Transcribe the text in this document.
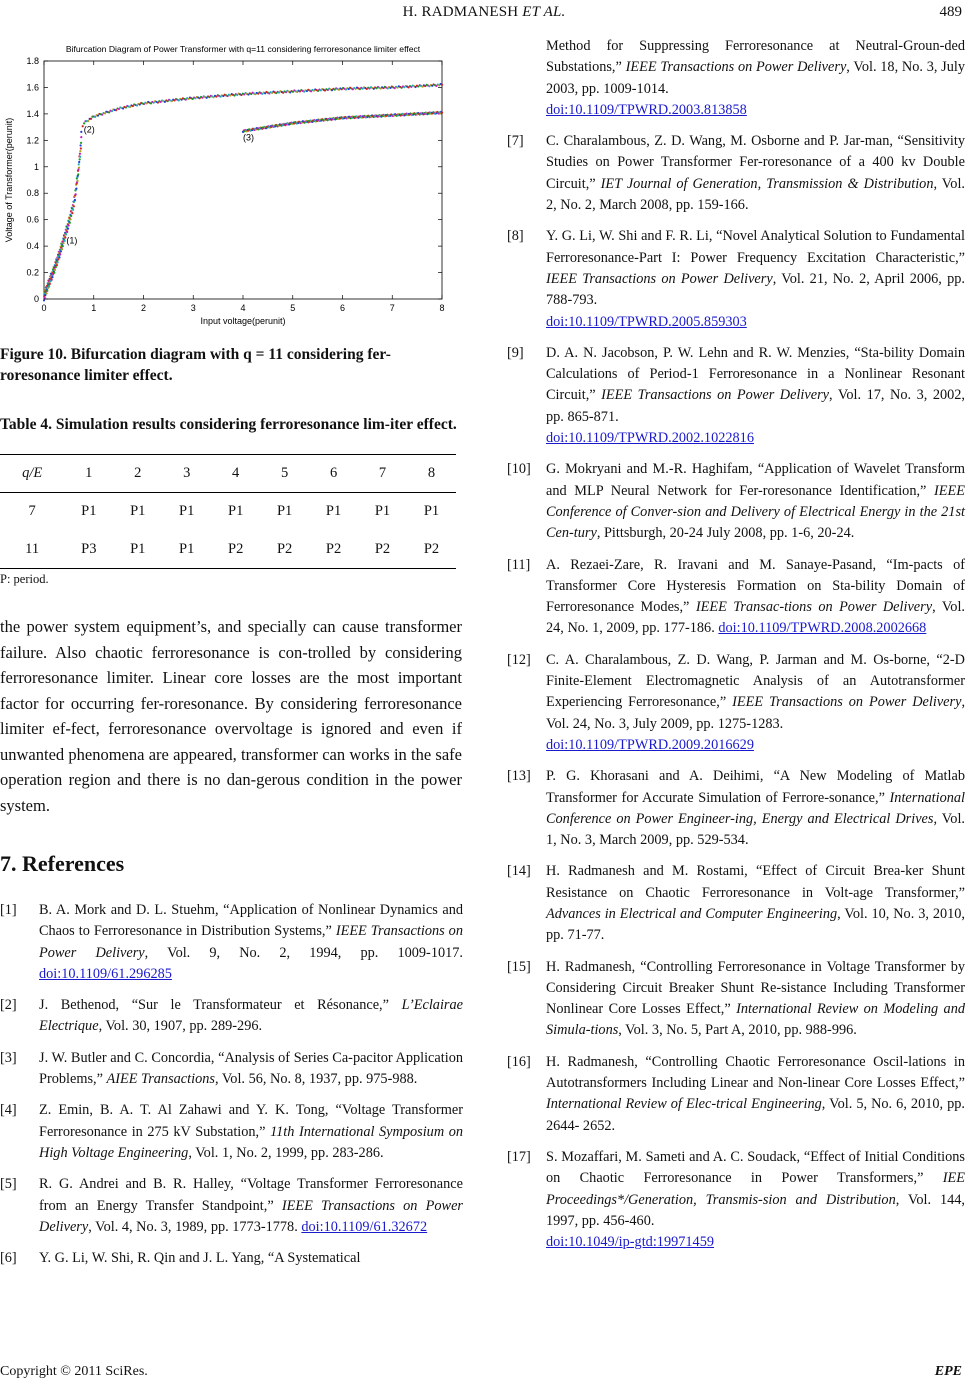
H. RADMANESH ET AL.	489
Bifurcation Diagram of Power Transformer with q=11 considering ferroresonance limiter effect
0	1	2	3	4	5	6	7	8
0
0.2
0.4
0.6
0.8
1
1.2
1.4
1.6
1.8
Input voltage(perunit)
Voltage of Transformer(perunit)	(2)
(3)
(1)
Figure 10. Bifurcation diagram with q = 11 considering fer-roresonance limiter effect.
Table 4. Simulation results considering ferroresonance lim-iter effect.
q/E	1	2	3	4	5	6	7	8
7	P1	P1	P1	P1	P1	P1	P1	P1
11	P3	P1	P1	P2	P2	P2	P2	P2
P: period.
the power system equipment’s, and specially can cause transformer failure. Also chaotic ferroresonance is con-trolled by considering ferroresonance limiter. Linear core losses are the most important factor for occurring fer-roresonance. By considering ferroresonance limiter ef-fect, ferroresonance overvoltage is ignored and even if unwanted phenomena are appeared, transformer can works in the safe operation region and there is no dan-gerous condition in the power system.
7. References
[1]	B. A. Mork and D. L. Stuehm, “Application of Nonlinear Dynamics and Chaos to Ferroresonance in Distribution Systems,” IEEE Transactions on Power Delivery, Vol. 9, No. 2, 1994, pp. 1009-1017. doi:10.1109/61.296285
[2]	J. Bethenod, “Sur le Transformateur et Résonance,” L’Eclairae Electrique, Vol. 30, 1907, pp. 289-296.
[3]	J. W. Butler and C. Concordia, “Analysis of Series Ca-pacitor Application Problems,” AIEE Transactions, Vol. 56, No. 8, 1937, pp. 975-988.
[4]	Z. Emin, B. A. T. Al Zahawi and Y. K. Tong, “Voltage Transformer Ferroresonance in 275 kV Substation,” 11th International Symposium on High Voltage Engineering, Vol. 1, No. 2, 1999, pp. 283-286.
[5]	R. G. Andrei and B. R. Halley, “Voltage Transformer Ferroresonance from an Energy Transfer Standpoint,” IEEE Transactions on Power Delivery, Vol. 4, No. 3, 1989, pp. 1773-1778. doi:10.1109/61.32672
[6]	Y. G. Li, W. Shi, R. Qin and J. L. Yang, “A Systematical
Method for Suppressing Ferroresonance at Neutral-Groun-ded Substations,” IEEE Transactions on Power Delivery, Vol. 18, No. 3, July 2003, pp. 1009-1014.
doi:10.1109/TPWRD.2003.813858
[7]	C. Charalambous, Z. D. Wang, M. Osborne and P. Jar-man, “Sensitivity Studies on Power Transformer Fer-roresonance of a 400 kv Double Circuit,” IET Journal of Generation, Transmission & Distribution, Vol. 2, No. 2, March 2008, pp. 159-166.
[8]	Y. G. Li, W. Shi and F. R. Li, “Novel Analytical Solution to Fundamental Ferroresonance-Part I: Power Frequency Excitation Characteristic,” IEEE Transactions on Power Delivery, Vol. 21, No. 2, April 2006, pp. 788-793.
doi:10.1109/TPWRD.2005.859303
[9]	D. A. N. Jacobson, P. W. Lehn and R. W. Menzies, “Sta-bility Domain Calculations of Period-1 Ferroresonance in a Nonlinear Resonant Circuit,” IEEE Transactions on Power Delivery, Vol. 17, No. 3, 2002, pp. 865-871.
doi:10.1109/TPWRD.2002.1022816
[10]	G. Mokryani and M.-R. Haghifam, “Application of Wavelet Transform and MLP Neural Network for Fer-roresonance Identification,” IEEE Conference of Conver-sion and Delivery of Electrical Energy in the 21st Cen-tury, Pittsburgh, 20-24 July 2008, pp. 1-6, 20-24.
[11]	A. Rezaei-Zare, R. Iravani and M. Sanaye-Pasand, “Im-pacts of Transformer Core Hysteresis Formation on Sta-bility Domain of Ferroresonance Modes,” IEEE Transac-tions on Power Delivery, Vol. 24, No. 1, 2009, pp. 177-186. doi:10.1109/TPWRD.2008.2002668
[12]	C. A. Charalambous, Z. D. Wang, P. Jarman and M. Os-borne, “2-D Finite-Element Electromagnetic Analysis of an Autotransformer Experiencing Ferroresonance,” IEEE Transactions on Power Delivery, Vol. 24, No. 3, July 2009, pp. 1275-1283.
doi:10.1109/TPWRD.2009.2016629
[13]	P. G. Khorasani and A. Deihimi, “A New Modeling of Matlab Transformer for Accurate Simulation of Ferrore-sonance,” International Conference on Power Engineer-ing, Energy and Electrical Drives, Vol. 1, No. 3, March 2009, pp. 529-534.
[14]	H. Radmanesh and M. Rostami, “Effect of Circuit Brea-ker Shunt Resistance on Chaotic Ferroresonance in Volt-age Transformer,” Advances in Electrical and Computer Engineering, Vol. 10, No. 3, 2010, pp. 71-77.
[15]	H. Radmanesh, “Controlling Ferroresonance in Voltage Transformer by Considering Circuit Breaker Shunt Re-sistance Including Transformer Nonlinear Core Losses Effect,” International Review on Modeling and Simula-tions, Vol. 3, No. 5, Part A, 2010, pp. 988-996.
[16]	H. Radmanesh, “Controlling Chaotic Ferroresonance Oscil-lations in Autotransformers Including Linear and Non-linear Core Losses Effect,” International Review of Elec-trical Engineering, Vol. 5, No. 6, 2010, pp. 2644- 2652.
[17]	S. Mozaffari, M. Sameti and A. C. Soudack, “Effect of Initial Conditions on Chaotic Ferroresonance in Power Transformers,” IEE Proceedings*/Generation, Transmis-sion and Distribution, Vol. 144, 1997, pp. 456-460.
doi:10.1049/ip-gtd:19971459
Copyright © 2011 SciRes.	EPE
